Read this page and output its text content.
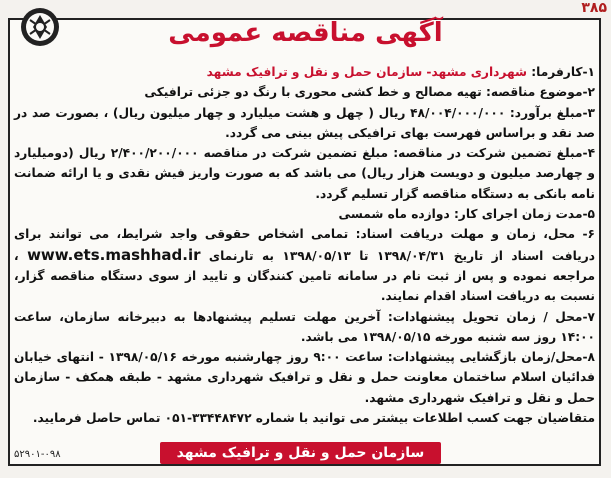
۳۸۵
آگهی مناقصه عمومی

۱-کارفرما: شهرداری مشهد- سازمان حمل و نقل و ترافیک مشهد

۲-موضوع مناقصه: تهیه مصالح و خط کشی محوری با رنگ دو جزئی ترافیکی

۳-مبلغ برآورد: ۴۸/۰۰۴/۰۰۰/۰۰۰ ریال ( چهل و هشت میلیارد و چهار میلیون ریال) ، بصورت صد در صد نقد و براساس فهرست بهای ترافیکی پیش بینی می گردد.

۴-مبلغ تضمین شرکت در مناقصه: مبلغ تضمین شرکت در مناقصه ۲/۴۰۰/۲۰۰/۰۰۰ ریال (دومیلیارد و چهارصد میلیون و دویست هزار ریال) می باشد که به صورت واریز فیش نقدی و یا ارائه ضمانت نامه بانکی به دستگاه مناقصه گزار تسلیم گردد.

۵-مدت زمان اجرای کار: دوازده ماه شمسی

۶- محل، زمان و مهلت دریافت اسناد: تمامی اشخاص حقوقی واجد شرایط، می توانند برای دریافت اسناد از تاریخ ۱۳۹۸/۰۴/۳۱ تا ۱۳۹۸/۰۵/۱۳ به تارنمای www.ets.mashhad.ir ، مراجعه نموده و پس از ثبت نام در سامانه تامین کنندگان و تایید از سوی دستگاه مناقصه گزار، نسبت به دریافت اسناد اقدام نمایند.

۷-محل / زمان تحویل پیشنهادات: آخرین مهلت تسلیم پیشنهادها به دبیرخانه سازمان، ساعت ۱۴:۰۰ روز سه شنبه مورخه ۱۳۹۸/۰۵/۱۵ می باشد.

۸-محل/زمان بازگشایی پیشنهادات: ساعت ۹:۰۰ روز چهارشنبه مورخه ۱۳۹۸/۰۵/۱۶ - انتهای خیابان فدائیان اسلام ساختمان معاونت حمل و نقل و ترافیک شهرداری مشهد - طبقه همکف - سازمان حمل و نقل و ترافیک شهرداری مشهد.

متقاضیان جهت کسب اطلاعات بیشتر می توانید با شماره ۳۳۴۴۸۴۷۲-۰۵۱ تماس حاصل فرمایید.

سازمان حمل و نقل و ترافیک مشهد
۵۲۹۰۱-۰۹۸
